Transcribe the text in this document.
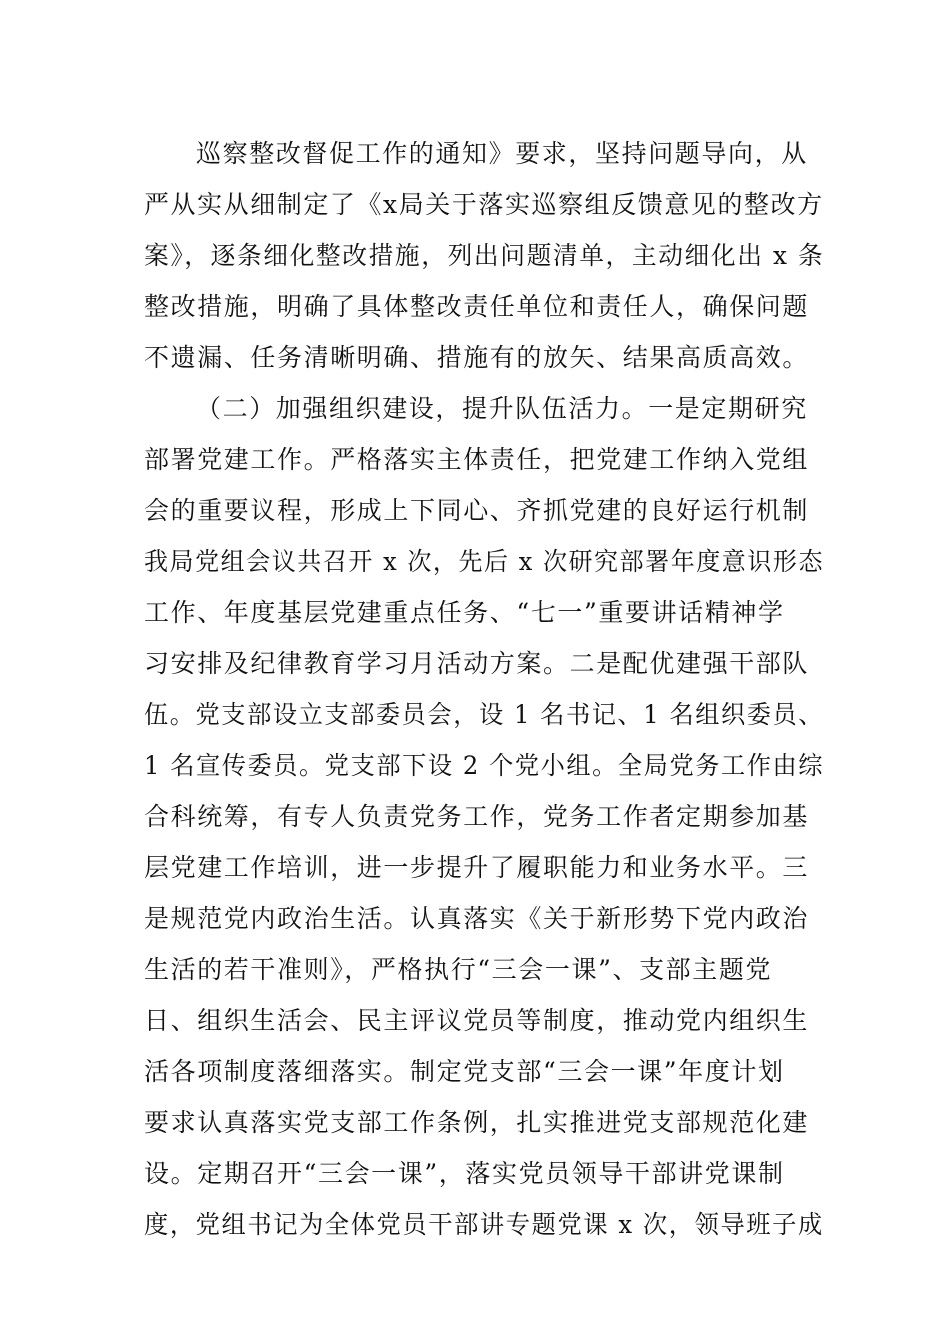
巡察整改督促工作的通知》要求，坚持问题导向，从
严从实从细制定了《x局关于落实巡察组反馈意见的整改方
案》，逐条细化整改措施，列出问题清单，主动细化出 x 条
整改措施，明确了具体整改责任单位和责任人，确保问题
不遗漏、任务清晰明确、措施有的放矢、结果高质高效。
（二）加强组织建设，提升队伍活力。一是定期研究
部署党建工作。严格落实主体责任，把党建工作纳入党组
会的重要议程，形成上下同心、齐抓党建的良好运行机制
我局党组会议共召开 x 次，先后 x 次研究部署年度意识形态
工作、年度基层党建重点任务、“七一”重要讲话精神学
习安排及纪律教育学习月活动方案。二是配优建强干部队
伍。党支部设立支部委员会，设 1 名书记、1 名组织委员、
1 名宣传委员。党支部下设 2 个党小组。全局党务工作由综
合科统筹，有专人负责党务工作，党务工作者定期参加基
层党建工作培训，进一步提升了履职能力和业务水平。三
是规范党内政治生活。认真落实《关于新形势下党内政治
生活的若干准则》，严格执行“三会一课”、支部主题党
日、组织生活会、民主评议党员等制度，推动党内组织生
活各项制度落细落实。制定党支部“三会一课”年度计划
要求认真落实党支部工作条例，扎实推进党支部规范化建
设。定期召开“三会一课”，落实党员领导干部讲党课制
度，党组书记为全体党员干部讲专题党课 x 次，领导班子成
